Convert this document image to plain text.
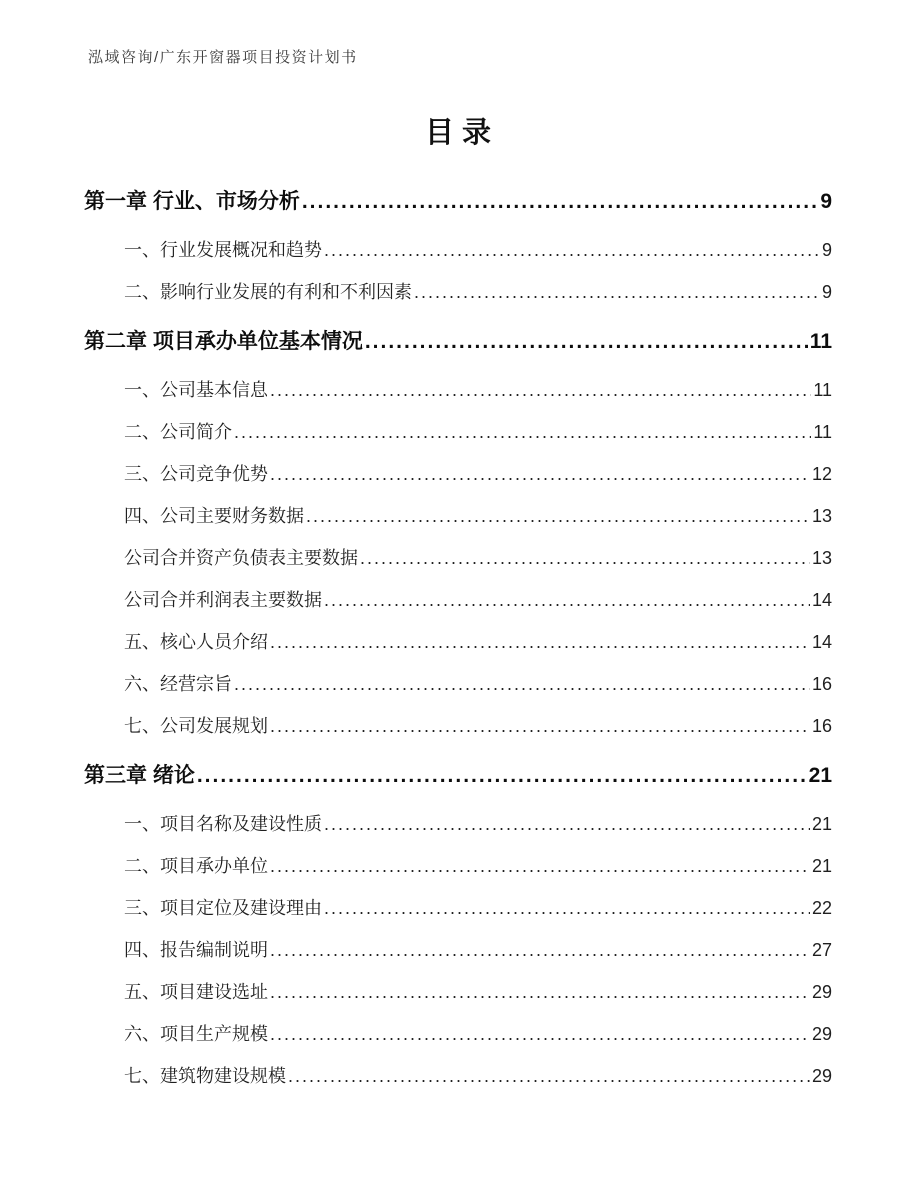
泓域咨询/广东开窗器项目投资计划书
目录
第一章 行业、市场分析 .....	9
一、行业发展概况和趋势 .....	9
二、影响行业发展的有利和不利因素 .....	9
第二章 项目承办单位基本情况 .....	11
一、公司基本信息 .....	11
二、公司简介 .....	11
三、公司竞争优势 .....	12
四、公司主要财务数据 .....	13
公司合并资产负债表主要数据 .....	13
公司合并利润表主要数据 .....	14
五、核心人员介绍 .....	14
六、经营宗旨 .....	16
七、公司发展规划 .....	16
第三章 绪论 .....	21
一、项目名称及建设性质 .....	21
二、项目承办单位 .....	21
三、项目定位及建设理由 .....	22
四、报告编制说明 .....	27
五、项目建设选址 .....	29
六、项目生产规模 .....	29
七、建筑物建设规模 .....	29
